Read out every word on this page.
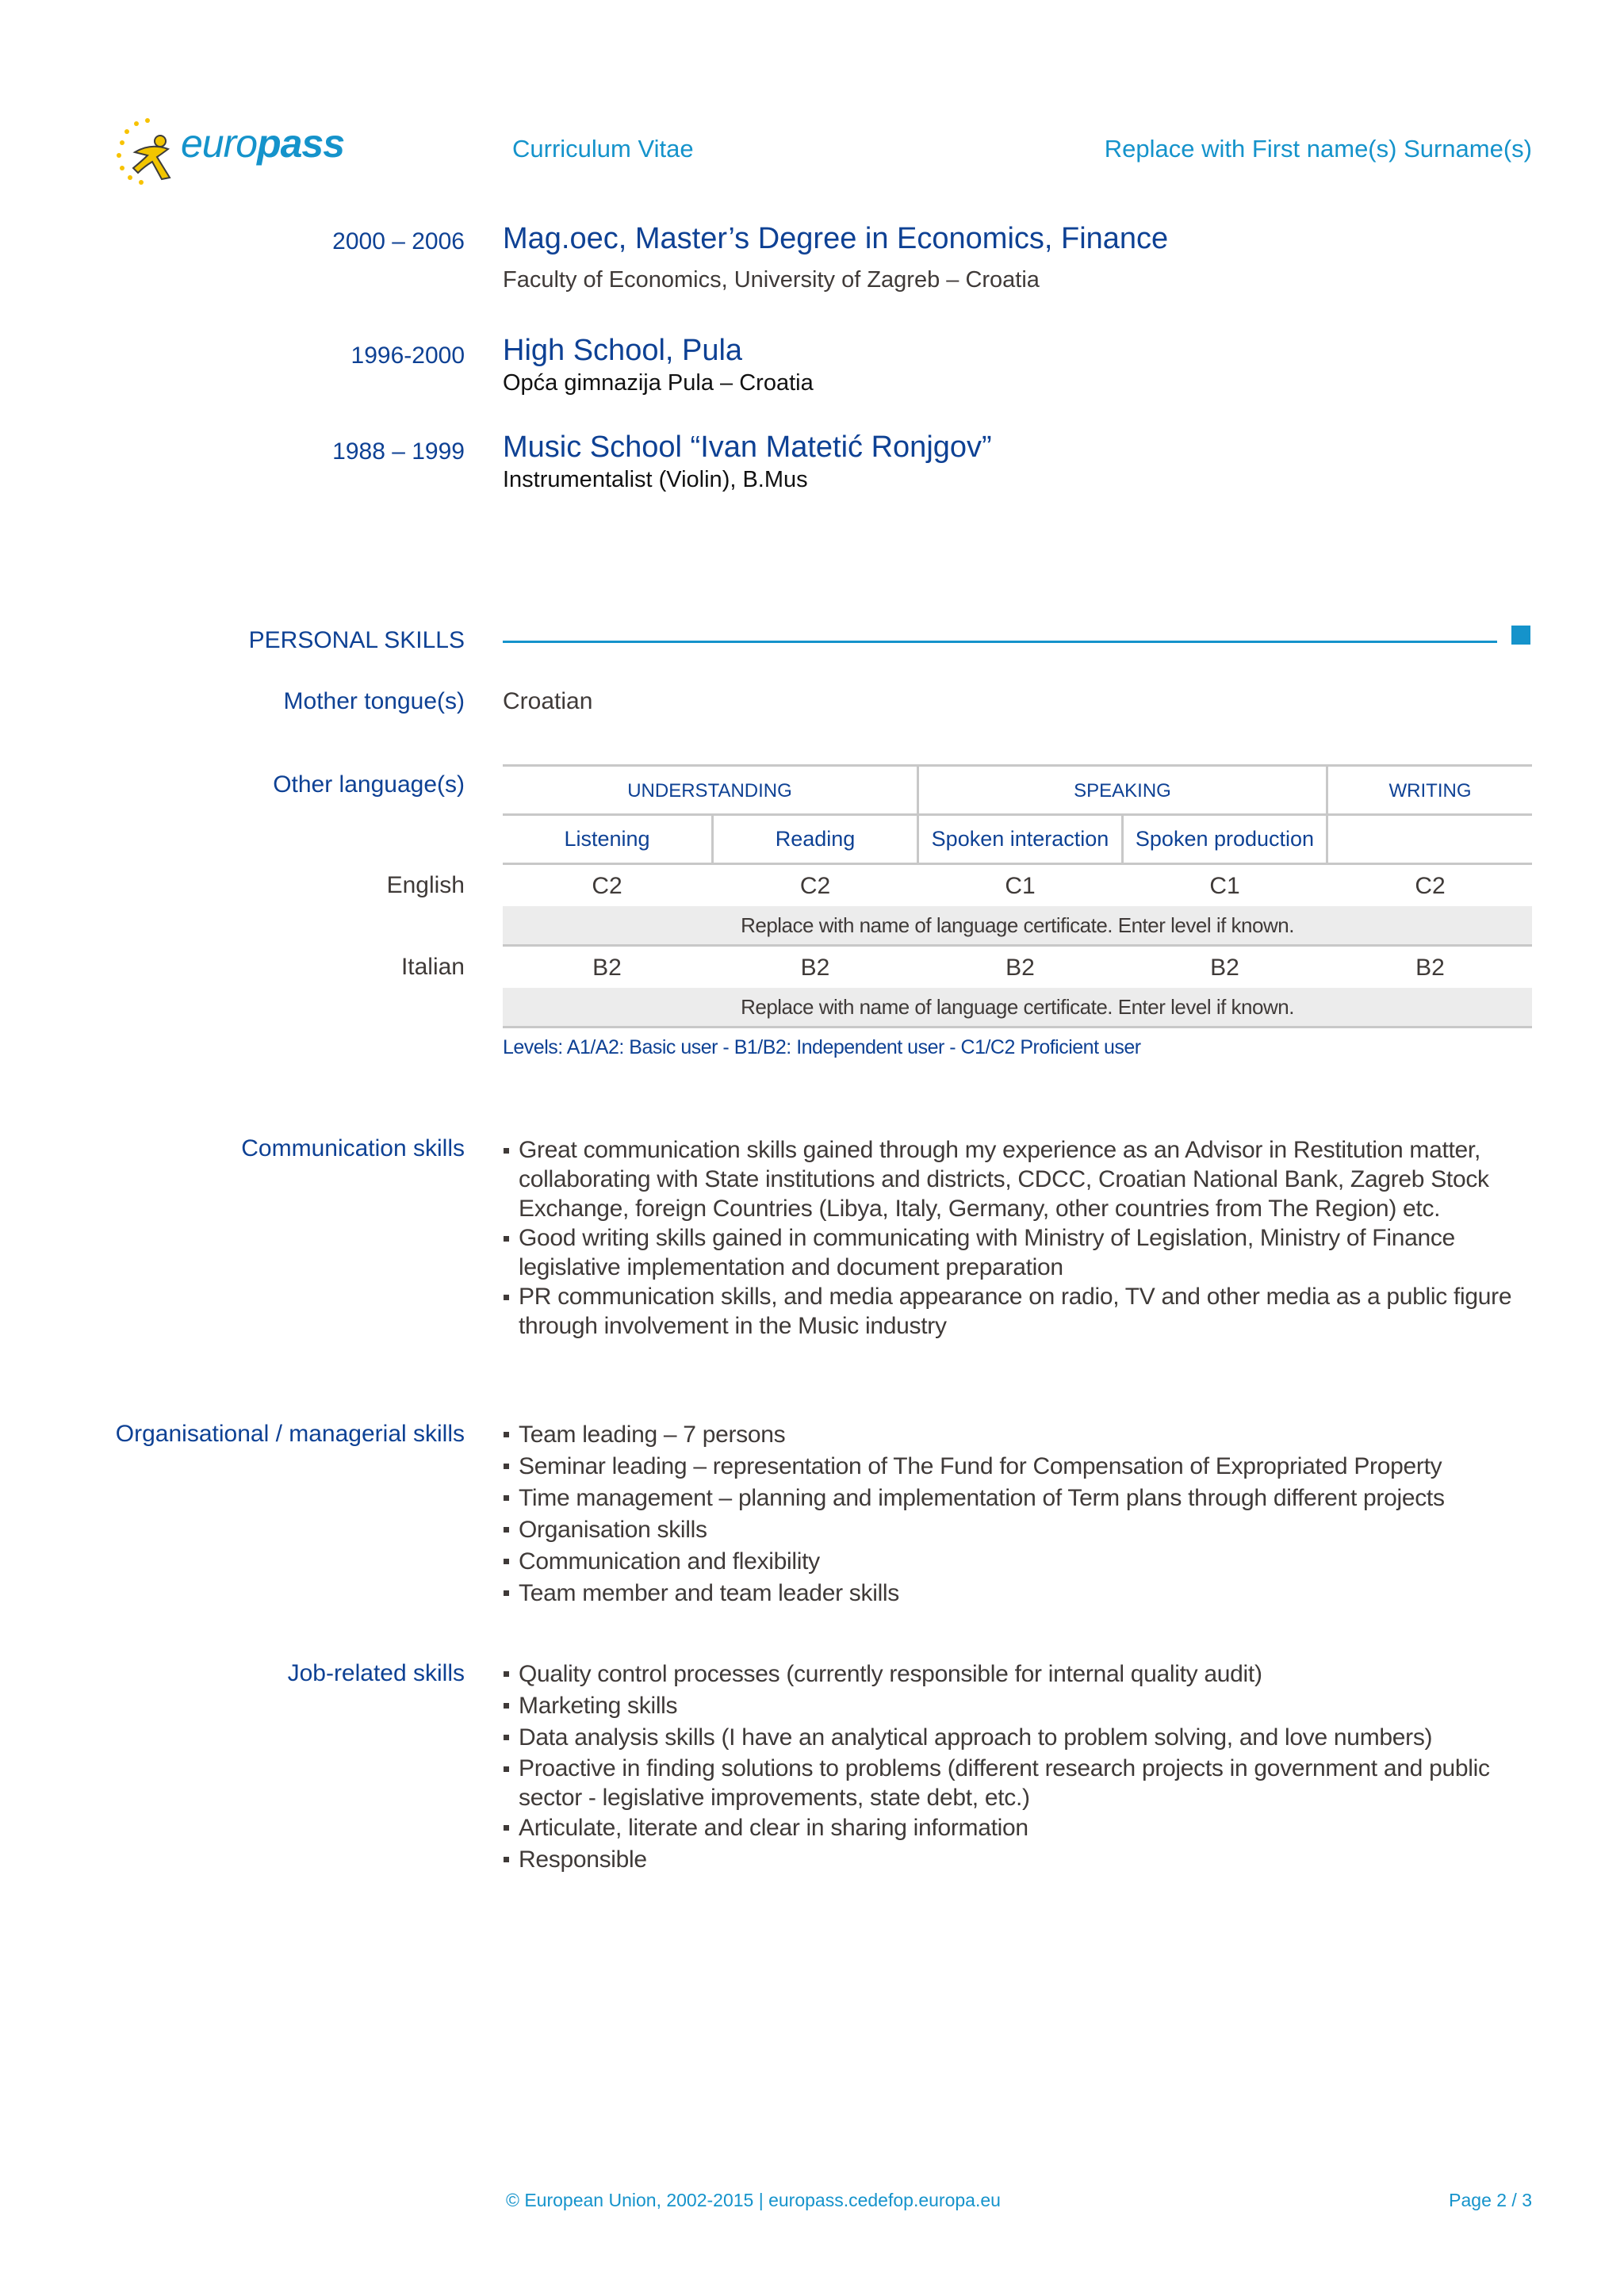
europass	Curriculum Vitae	Replace with First name(s) Surname(s)
2000 – 2006 Mag.oec, Master’s Degree in Economics, Finance
Faculty of Economics, University of Zagreb – Croatia
1996-2000 High School, Pula
Opća gimnazija Pula – Croatia
1988 – 1999 Music School “Ivan Matetić Ronjgov”
Instrumentalist (Violin), B.Mus
PERSONAL SKILLS
Mother tongue(s) Croatian
Other language(s)	UNDERSTANDING	SPEAKING	WRITING
Listening	Reading	Spoken interaction	Spoken production
English	C2	C2	C1	C1	C2
Replace with name of language certificate. Enter level if known.
Italian	B2	B2	B2	B2	B2
Replace with name of language certificate. Enter level if known.
Levels: A1/A2: Basic user - B1/B2: Independent user - C1/C2 Proficient user
Communication skills	Great communication skills gained through my experience as an Advisor in Restitution matter, collaborating with State institutions and districts, CDCC, Croatian National Bank, Zagreb Stock Exchange, foreign Countries (Libya, Italy, Germany, other countries from The Region) etc.
Good writing skills gained in communicating with Ministry of Legislation, Ministry of Finance legislative implementation and document preparation
PR communication skills, and media appearance on radio, TV and other media as a public figure through involvement in the Music industry
Organisational / managerial skills	Team leading – 7 persons
Seminar leading – representation of The Fund for Compensation of Expropriated Property
Time management – planning and implementation of Term plans through different projects
Organisation skills
Communication and flexibility
Team member and team leader skills
Job-related skills	Quality control processes (currently responsible for internal quality audit)
Marketing skills
Data analysis skills (I have an analytical approach to problem solving, and love numbers)
Proactive in finding solutions to problems (different research projects in government and public sector - legislative improvements, state debt, etc.)
Articulate, literate and clear in sharing information
Responsible
© European Union, 2002-2015 | europass.cedefop.europa.eu	Page 2 / 3
